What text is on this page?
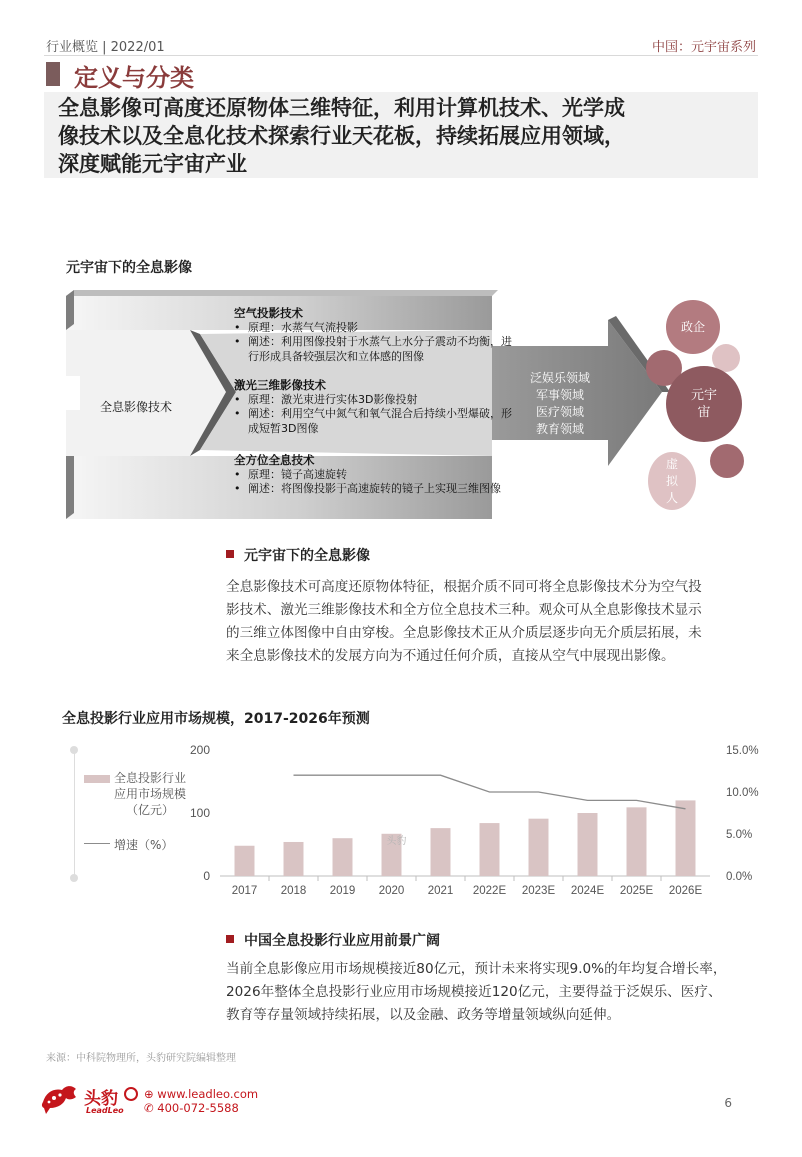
行业概览 | 2022/01	中国：元宇宙系列
定义与分类
全息影像可高度还原物体三维特征，利用计算机技术、光学成
像技术以及全息化技术探索行业天花板，持续拓展应用领域，
深度赋能元宇宙产业
元宇宙下的全息影像
全息影像技术
空气投影技术
• 原理：水蒸气气流投影
• 阐述：利用图像投射于水蒸气上水分子震动不均衡，进行形成具备较强层次和立体感的图像
激光三维影像技术
• 原理：激光束进行实体3D影像投射
• 阐述：利用空气中氮气和氧气混合后持续小型爆破，形成短暂3D图像
全方位全息技术
• 原理：镜子高速旋转
• 阐述：将图像投影于高速旋转的镜子上实现三维图像
泛娱乐领域
军事领域
医疗领域
教育领域
政企
元宇宙
虚拟人
元宇宙下的全息影像
全息影像技术可高度还原物体特征，根据介质不同可将全息影像技术分为空气投
影技术、激光三维影像技术和全方位全息技术三种。观众可从全息影像技术显示
的三维立体图像中自由穿梭。全息影像技术正从介质层逐步向无介质层拓展，未
来全息影像技术的发展方向为不通过任何介质，直接从空气中展现出影像。
全息投影行业应用市场规模，2017-2026年预测
全息投影行业
应用市场规模
（亿元）
增速（%）
0
100
200
0.0%
5.0%
10.0%
15.0%
2017 2018 2019 2020 2021 2022E 2023E 2024E 2025E 2026E
头豹
中国全息投影行业应用前景广阔
当前全息影像应用市场规模接近80亿元，预计未来将实现9.0%的年均复合增长率，
2026年整体全息投影行业应用市场规模接近120亿元，主要得益于泛娱乐、医疗、
教育等存量领域持续拓展，以及金融、政务等增量领域纵向延伸。
来源：中科院物理所，头豹研究院编辑整理
头豹
LeadLeo
⊕ www.leadleo.com
✆ 400-072-5588	6
